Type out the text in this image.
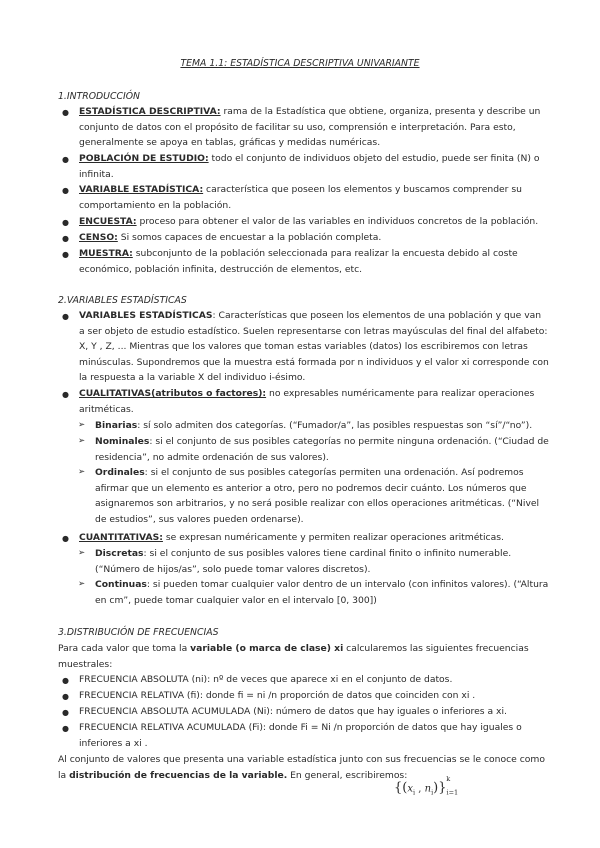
TEMA 1.1: ESTADÍSTICA DESCRIPTIVA UNIVARIANTE
1.INTRODUCCIÓN
● ESTADÍSTICA DESCRIPTIVA: rama de la Estadística que obtiene, organiza, presenta y describe un conjunto de datos con el propósito de facilitar su uso, comprensión e interpretación. Para esto, generalmente se apoya en tablas, gráficas y medidas numéricas.
● POBLACIÓN DE ESTUDIO: todo el conjunto de individuos objeto del estudio, puede ser finita (N) o infinita.
● VARIABLE ESTADÍSTICA: característica que poseen los elementos y buscamos comprender su comportamiento en la población.
● ENCUESTA: proceso para obtener el valor de las variables en individuos concretos de la población.
● CENSO: Si somos capaces de encuestar a la población completa.
● MUESTRA: subconjunto de la población seleccionada para realizar la encuesta debido al coste económico, población infinita, destrucción de elementos, etc.
2.VARIABLES ESTADÍSTICAS
● VARIABLES ESTADÍSTICAS: Características que poseen los elementos de una población y que van a ser objeto de estudio estadístico. Suelen representarse con letras mayúsculas del final del alfabeto: X, Y , Z, ... Mientras que los valores que toman estas variables (datos) los escribiremos con letras minúsculas. Supondremos que la muestra está formada por n individuos y el valor xi corresponde con la respuesta a la variable X del individuo i-ésimo.
● CUALITATIVAS(atributos o factores): no expresables numéricamente para realizar operaciones aritméticas.
➢ Binarias: sí solo admiten dos categorías. (“Fumador/a”, las posibles respuestas son “sí”/“no”).
➢ Nominales: si el conjunto de sus posibles categorías no permite ninguna ordenación. (“Ciudad de residencia”, no admite ordenación de sus valores).
➢ Ordinales: si el conjunto de sus posibles categorías permiten una ordenación. Así podremos afirmar que un elemento es anterior a otro, pero no podremos decir cuánto. Los números que asignaremos son arbitrarios, y no será posible realizar con ellos operaciones aritméticas. (“Nivel de estudios”, sus valores pueden ordenarse).
● CUANTITATIVAS: se expresan numéricamente y permiten realizar operaciones aritméticas.
➢ Discretas: si el conjunto de sus posibles valores tiene cardinal finito o infinito numerable. (“Número de hijos/as”, solo puede tomar valores discretos).
➢ Continuas: si pueden tomar cualquier valor dentro de un intervalo (con infinitos valores). (“Altura en cm”, puede tomar cualquier valor en el intervalo [0, 300])
3.DISTRIBUCIÓN DE FRECUENCIAS
Para cada valor que toma la variable (o marca de clase) xi calcularemos las siguientes frecuencias muestrales:
● FRECUENCIA ABSOLUTA (ni): nº de veces que aparece xi en el conjunto de datos.
● FRECUENCIA RELATIVA (fi): donde fi = ni /n proporción de datos que coinciden con xi .
● FRECUENCIA ABSOLUTA ACUMULADA (Ni): número de datos que hay iguales o inferiores a xi.
● FRECUENCIA RELATIVA ACUMULADA (Fi): donde Fi = Ni /n proporción de datos que hay iguales o inferiores a xi .
Al conjunto de valores que presenta una variable estadística junto con sus frecuencias se le conoce como la distribución de frecuencias de la variable. En general, escribiremos:
{($x_i$ , $n_i)\}_{i=1}^k$
